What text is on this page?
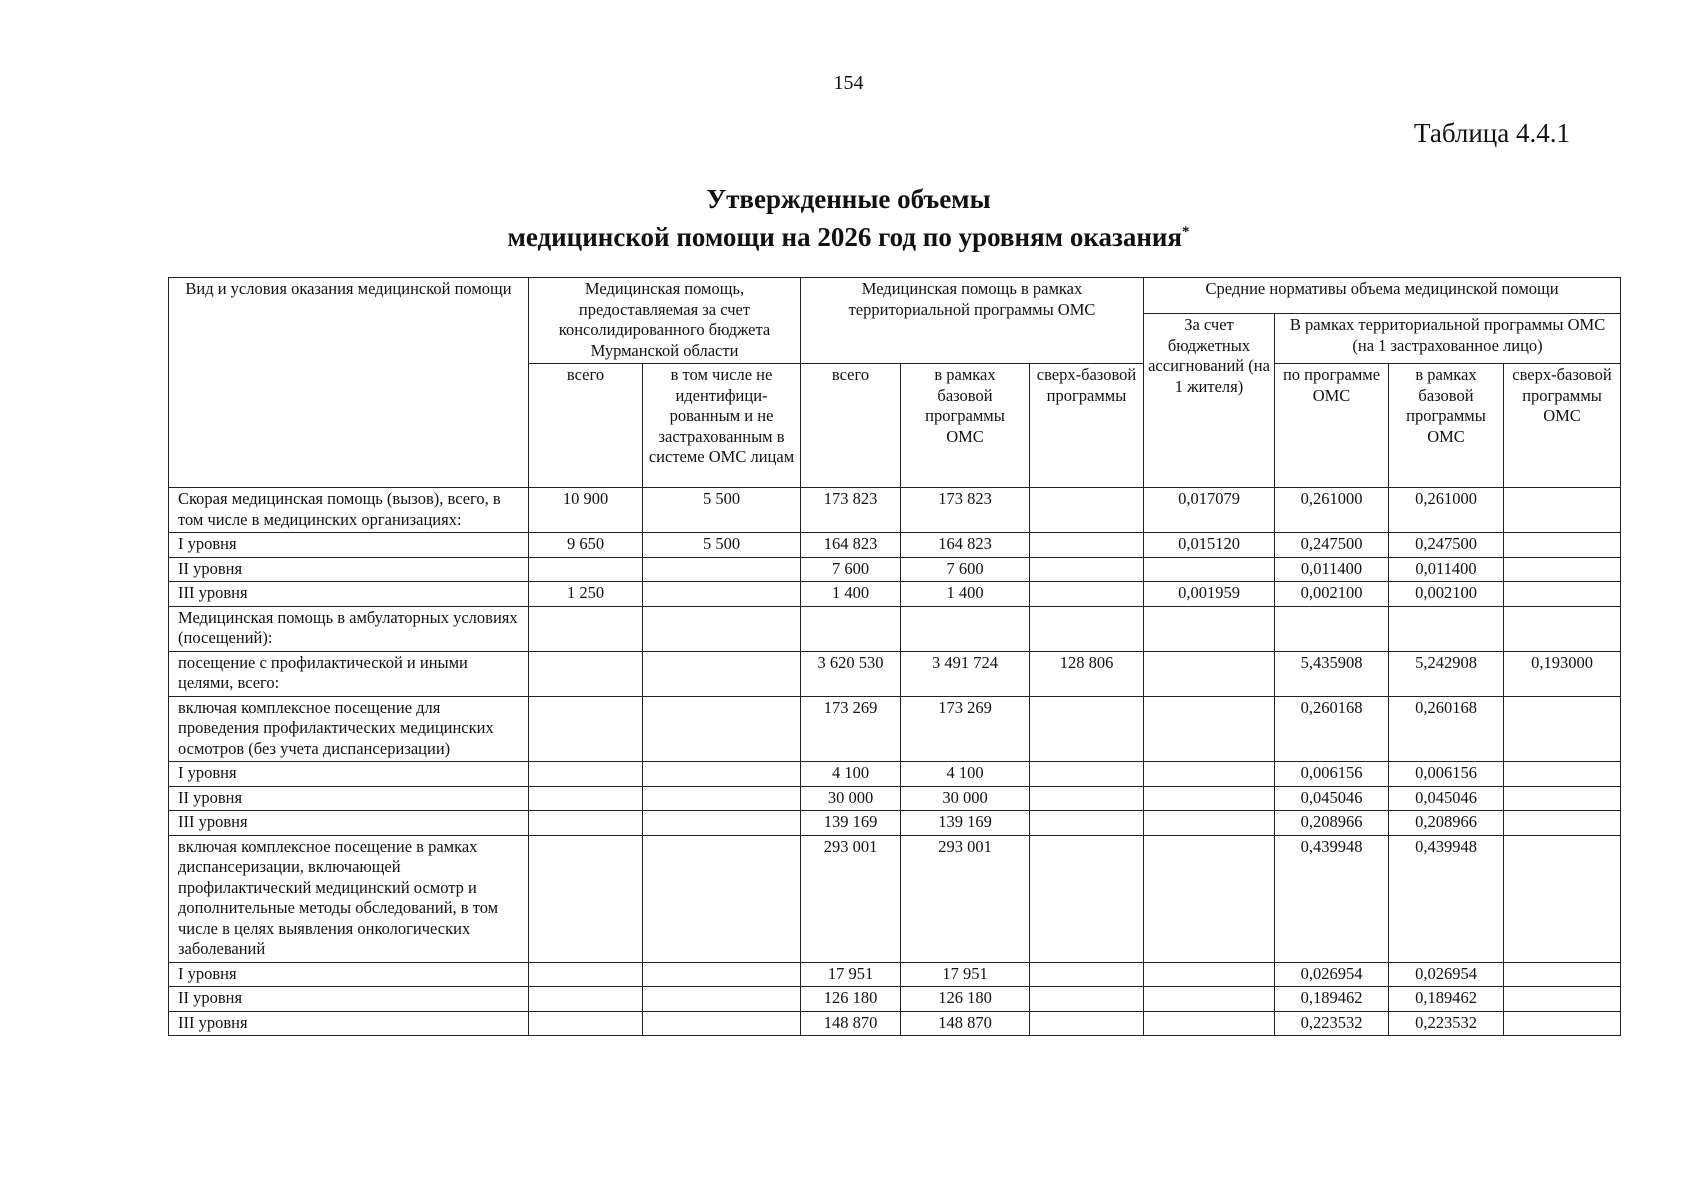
154
Таблица 4.4.1
Утвержденные объемы
медицинской помощи на 2026 год по уровням оказания*
Вид и условия оказания медицинской помощи	Медицинская помощь, предоставляемая за счет консолидированного бюджета Мурманской области		Медицинская помощь в рамках территориальной программы ОМС			Средние нормативы объема медицинской помощи			
						За счет бюджетных ассигнований (на 1 жителя)	В рамках территориальной программы ОМС (на 1 застрахованное лицо)		
	всего	в том числе не идентифици-рованным и не застрахованным в системе ОМС лицам	всего	в рамках базовой программы ОМС	сверх-базовой программы		по программе ОМС	в рамках базовой программы ОМС	сверх-базовой программы ОМС
Скорая медицинская помощь (вызов), всего, в том числе в медицинских организациях:	10 900	5 500	173 823	173 823		0,017079	0,261000	0,261000	
I уровня	9 650	5 500	164 823	164 823		0,015120	0,247500	0,247500	
II уровня			7 600	7 600			0,011400	0,011400	
III уровня	1 250		1 400	1 400		0,001959	0,002100	0,002100	
Медицинская помощь в амбулаторных условиях (посещений):									
посещение с профилактической и иными целями, всего:			3 620 530	3 491 724	128 806		5,435908	5,242908	0,193000
включая комплексное посещение для проведения профилактических медицинских осмотров (без учета диспансеризации)			173 269	173 269			0,260168	0,260168	
I уровня			4 100	4 100			0,006156	0,006156	
II уровня			30 000	30 000			0,045046	0,045046	
III уровня			139 169	139 169			0,208966	0,208966	
включая комплексное посещение в рамках диспансеризации, включающей профилактический медицинский осмотр и дополнительные методы обследований, в том числе в целях выявления онкологических заболеваний			293 001	293 001			0,439948	0,439948	
I уровня			17 951	17 951			0,026954	0,026954	
II уровня			126 180	126 180			0,189462	0,189462	
III уровня			148 870	148 870			0,223532	0,223532	
